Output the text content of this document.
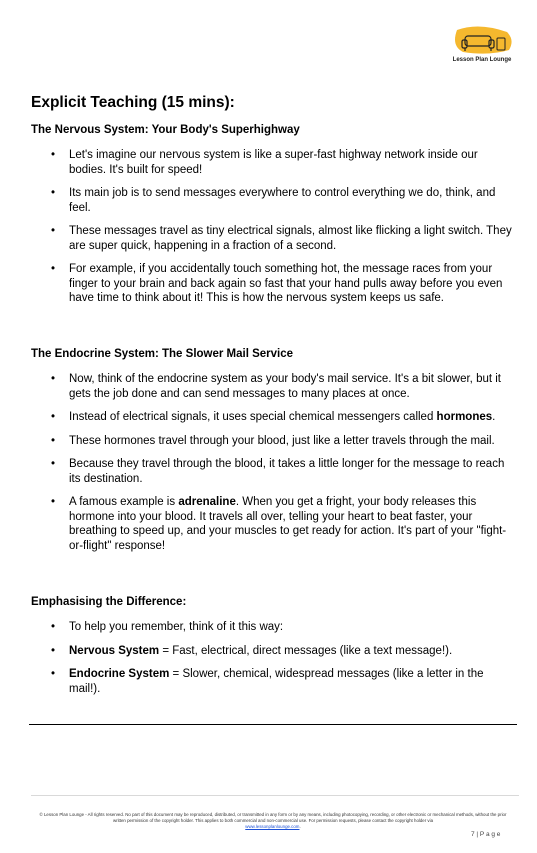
Lesson Plan Lounge
Explicit Teaching (15 mins):
The Nervous System: Your Body's Superhighway
• Let's imagine our nervous system is like a super-fast highway network inside our bodies. It's built for speed!
• Its main job is to send messages everywhere to control everything we do, think, and feel.
• These messages travel as tiny electrical signals, almost like flicking a light switch. They are super quick, happening in a fraction of a second.
• For example, if you accidentally touch something hot, the message races from your finger to your brain and back again so fast that your hand pulls away before you even have time to think about it! This is how the nervous system keeps us safe.
The Endocrine System: The Slower Mail Service
• Now, think of the endocrine system as your body's mail service. It's a bit slower, but it gets the job done and can send messages to many places at once.
• Instead of electrical signals, it uses special chemical messengers called hormones.
• These hormones travel through your blood, just like a letter travels through the mail.
• Because they travel through the blood, it takes a little longer for the message to reach its destination.
• A famous example is adrenaline. When you get a fright, your body releases this hormone into your blood. It travels all over, telling your heart to beat faster, your breathing to speed up, and your muscles to get ready for action. It's part of your "fight-or-flight" response!
Emphasising the Difference:
• To help you remember, think of it this way:
• Nervous System = Fast, electrical, direct messages (like a text message!).
• Endocrine System = Slower, chemical, widespread messages (like a letter in the mail!).
© Lesson Plan Lounge - All rights reserved. No part of this document may be reproduced, distributed, or transmitted in any form or by any means, including photocopying, recording, or other electronic or mechanical methods, without the prior written permission of the copyright holder. This applies to both commercial and non-commercial use. For permission requests, please contact the copyright holder via
www.lessonplanlounge.com.
7 | P a g e
